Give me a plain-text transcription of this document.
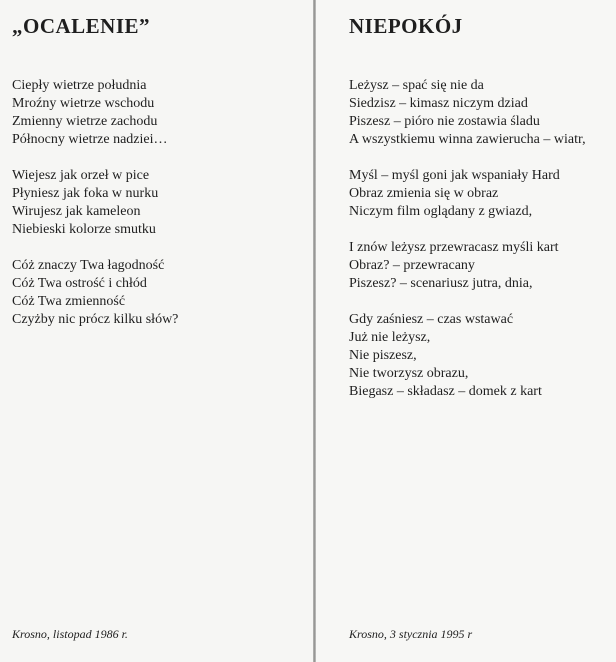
„OCALENIE”
Ciepły wietrze południa
Mroźny wietrze wschodu
Zmienny wietrze zachodu
Północny wietrze nadziei…
Wiejesz jak orzeł w pice
Płyniesz jak foka w nurku
Wirujesz jak kameleon
Niebieski kolorze smutku
Cóż znaczy Twa łagodność
Cóż Twa ostrość i chłód
Cóż Twa zmienność
Czyżby nic prócz kilku słów?
Krosno, listopad 1986 r.
NIEPOKÓJ
Leżysz – spać się nie da
Siedzisz – kimasz niczym dziad
Piszesz – pióro nie zostawia śladu
A wszystkiemu winna zawierucha – wiatr,
Myśl – myśl goni jak wspaniały Hard
Obraz zmienia się w obraz
Niczym film oglądany z gwiazd,
I znów leżysz przewracasz myśli kart
Obraz? – przewracany
Piszesz? – scenariusz jutra, dnia,
Gdy zaśniesz – czas wstawać
Już nie leżysz,
Nie piszesz,
Nie tworzysz obrazu,
Biegasz – składasz – domek z kart
Krosno, 3 stycznia 1995 r
